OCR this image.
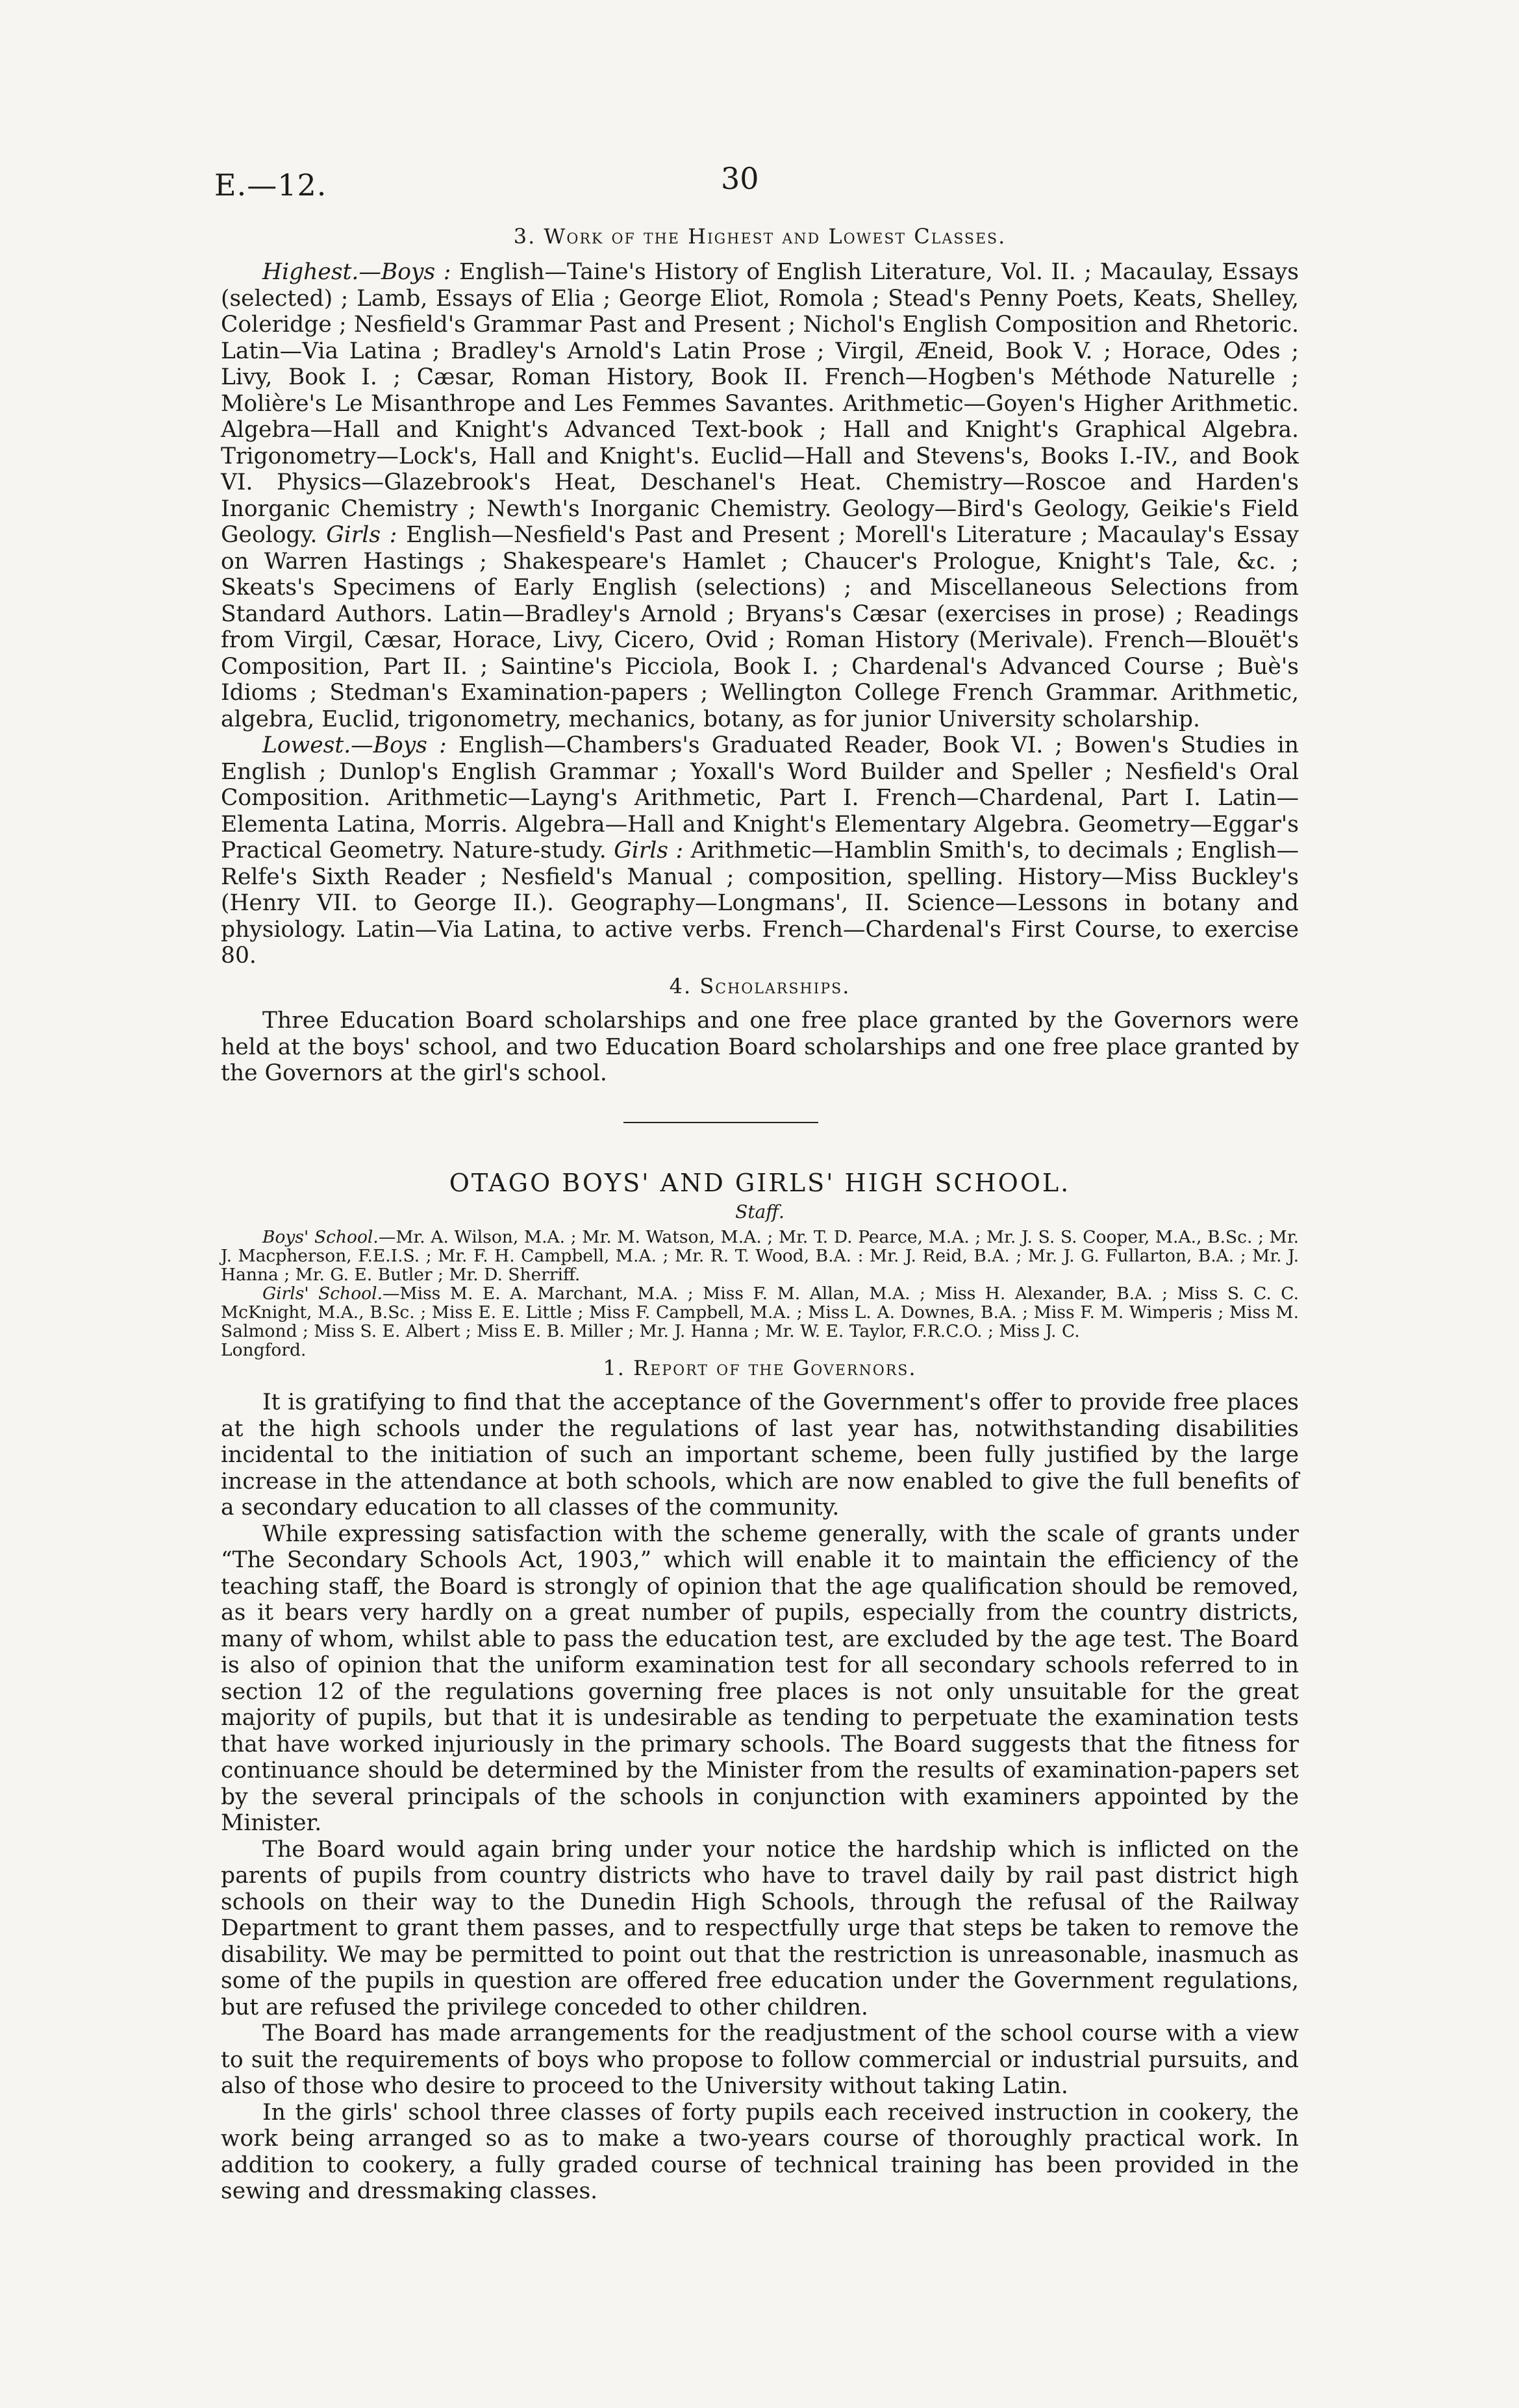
E.—12.	30

3. Work of the Highest and Lowest Classes.

Highest.—Boys : English—Taine's History of English Literature, Vol. II. ; Macaulay, Essays (selected) ; Lamb, Essays of Elia ; George Eliot, Romola ; Stead's Penny Poets, Keats, Shelley, Coleridge ; Nesfield's Grammar Past and Present ; Nichol's English Composition and Rhetoric. Latin—Via Latina ; Bradley's Arnold's Latin Prose ; Virgil, Æneid, Book V. ; Horace, Odes ; Livy, Book I. ; Cæsar, Roman History, Book II. French—Hogben's Méthode Naturelle ; Molière's Le Misanthrope and Les Femmes Savantes. Arithmetic—Goyen's Higher Arithmetic. Algebra—Hall and Knight's Advanced Text-book ; Hall and Knight's Graphical Algebra. Trigonometry—Lock's, Hall and Knight's. Euclid—Hall and Stevens's, Books I.-IV., and Book VI. Physics—Glazebrook's Heat, Deschanel's Heat. Chemistry—Roscoe and Harden's Inorganic Chemistry ; Newth's Inorganic Chemistry. Geology—Bird's Geology, Geikie's Field Geology. Girls : English—Nesfield's Past and Present ; Morell's Literature ; Macaulay's Essay on Warren Hastings ; Shakespeare's Hamlet ; Chaucer's Prologue, Knight's Tale, &c. ; Skeats's Specimens of Early English (selections) ; and Miscellaneous Selections from Standard Authors. Latin—Bradley's Arnold ; Bryans's Cæsar (exercises in prose) ; Readings from Virgil, Cæsar, Horace, Livy, Cicero, Ovid ; Roman History (Merivale). French—Blouët's Composition, Part II. ; Saintine's Picciola, Book I. ; Chardenal's Advanced Course ; Buè's Idioms ; Stedman's Examination-papers ; Wellington College French Grammar. Arithmetic, algebra, Euclid, trigonometry, mechanics, botany, as for junior University scholarship.

Lowest.—Boys : English—Chambers's Graduated Reader, Book VI. ; Bowen's Studies in English ; Dunlop's English Grammar ; Yoxall's Word Builder and Speller ; Nesfield's Oral Composition. Arithmetic—Layng's Arithmetic, Part I. French—Chardenal, Part I. Latin—Elementa Latina, Morris. Algebra—Hall and Knight's Elementary Algebra. Geometry—Eggar's Practical Geometry. Nature-study. Girls : Arithmetic—Hamblin Smith's, to decimals ; English—Relfe's Sixth Reader ; Nesfield's Manual ; composition, spelling. History—Miss Buckley's (Henry VII. to George II.). Geography—Longmans', II. Science—Lessons in botany and physiology. Latin—Via Latina, to active verbs. French—Chardenal's First Course, to exercise 80.

4. Scholarships.

Three Education Board scholarships and one free place granted by the Governors were held at the boys' school, and two Education Board scholarships and one free place granted by the Governors at the girl's school.

OTAGO BOYS' AND GIRLS' HIGH SCHOOL.

Staff.

Boys' School.—Mr. A. Wilson, M.A. ; Mr. M. Watson, M.A. ; Mr. T. D. Pearce, M.A. ; Mr. J. S. S. Cooper, M.A., B.Sc. ; Mr. J. Macpherson, F.E.I.S. ; Mr. F. H. Campbell, M.A. ; Mr. R. T. Wood, B.A. : Mr. J. Reid, B.A. ; Mr. J. G. Fullarton, B.A. ; Mr. J. Hanna ; Mr. G. E. Butler ; Mr. D. Sherriff.

Girls' School.—Miss M. E. A. Marchant, M.A. ; Miss F. M. Allan, M.A. ; Miss H. Alexander, B.A. ; Miss S. C. C. McKnight, M.A., B.Sc. ; Miss E. E. Little ; Miss F. Campbell, M.A. ; Miss L. A. Downes, B.A. ; Miss F. M. Wimperis ; Miss M. Salmond ; Miss S. E. Albert ; Miss E. B. Miller ; Mr. J. Hanna ; Mr. W. E. Taylor, F.R.C.O. ; Miss J. C.

Longford.

1. Report of the Governors.

It is gratifying to find that the acceptance of the Government's offer to provide free places at the high schools under the regulations of last year has, notwithstanding disabilities incidental to the initiation of such an important scheme, been fully justified by the large increase in the attendance at both schools, which are now enabled to give the full benefits of a secondary education to all classes of the community.

While expressing satisfaction with the scheme generally, with the scale of grants under “The Secondary Schools Act, 1903,” which will enable it to maintain the efficiency of the teaching staff, the Board is strongly of opinion that the age qualification should be removed, as it bears very hardly on a great number of pupils, especially from the country districts, many of whom, whilst able to pass the education test, are excluded by the age test. The Board is also of opinion that the uniform examination test for all secondary schools referred to in section 12 of the regulations governing free places is not only unsuitable for the great majority of pupils, but that it is undesirable as tending to perpetuate the examination tests that have worked injuriously in the primary schools. The Board suggests that the fitness for continuance should be determined by the Minister from the results of examination-papers set by the several principals of the schools in conjunction with examiners appointed by the Minister.

The Board would again bring under your notice the hardship which is inflicted on the parents of pupils from country districts who have to travel daily by rail past district high schools on their way to the Dunedin High Schools, through the refusal of the Railway Department to grant them passes, and to respectfully urge that steps be taken to remove the disability. We may be permitted to point out that the restriction is unreasonable, inasmuch as some of the pupils in question are offered free education under the Government regulations, but are refused the privilege conceded to other children.

The Board has made arrangements for the readjustment of the school course with a view to suit the requirements of boys who propose to follow commercial or industrial pursuits, and also of those who desire to proceed to the University without taking Latin.

In the girls' school three classes of forty pupils each received instruction in cookery, the work being arranged so as to make a two-years course of thoroughly practical work. In addition to cookery, a fully graded course of technical training has been provided in the sewing and dressmaking classes.
